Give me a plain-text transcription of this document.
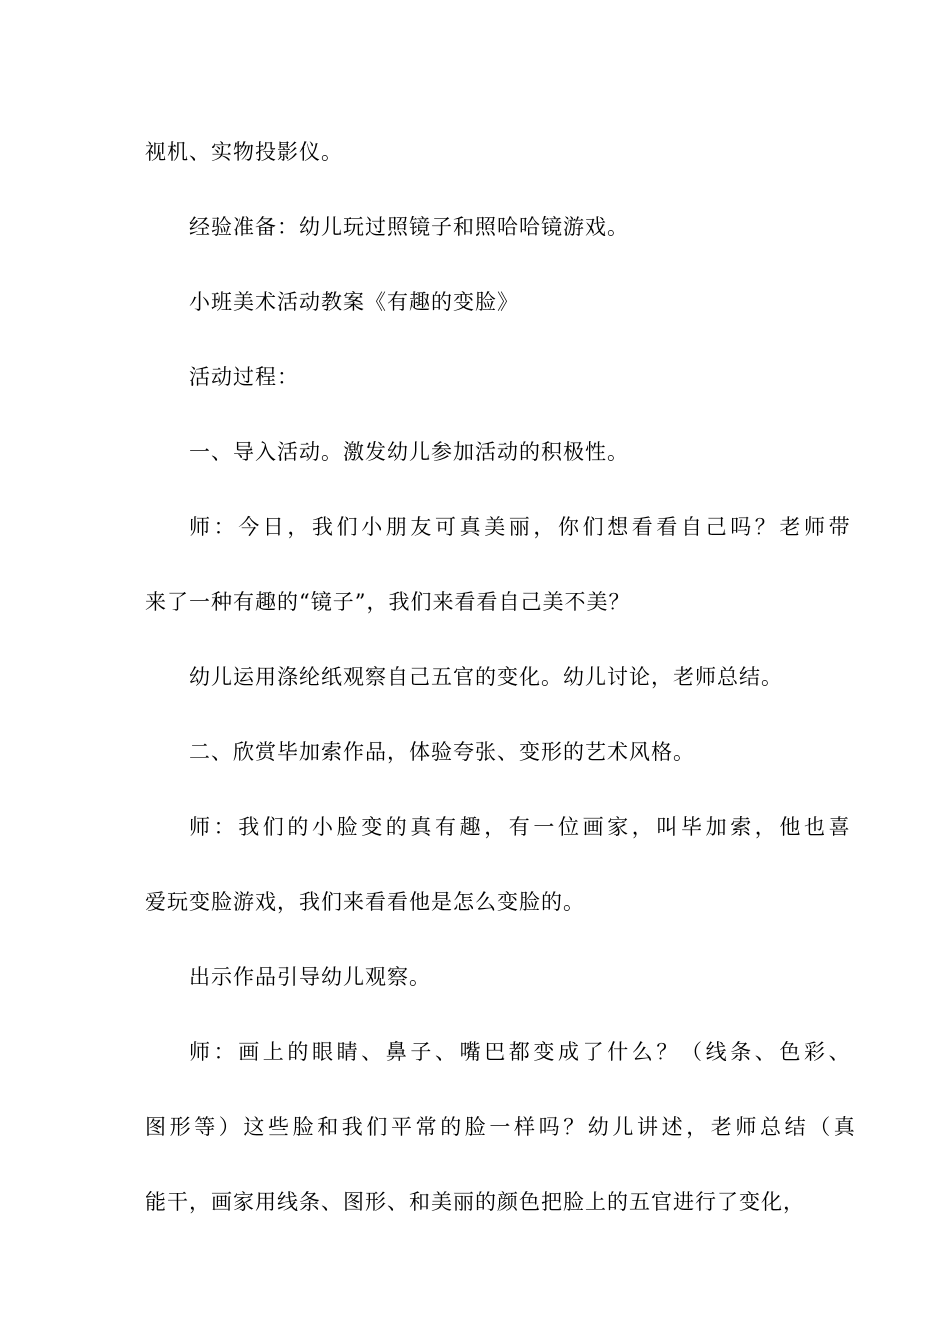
视机、实物投影仪。
经验准备：幼儿玩过照镜子和照哈哈镜游戏。
小班美术活动教案《有趣的变脸》
活动过程：
一、导入活动。激发幼儿参加活动的积极性。
师：今日，我们小朋友可真美丽，你们想看看自己吗？老师带
来了一种有趣的“镜子”，我们来看看自己美不美？
幼儿运用涤纶纸观察自己五官的变化。幼儿讨论，老师总结。
二、欣赏毕加索作品，体验夸张、变形的艺术风格。
师：我们的小脸变的真有趣，有一位画家，叫毕加索，他也喜
爱玩变脸游戏，我们来看看他是怎么变脸的。
出示作品引导幼儿观察。
师：画上的眼睛、鼻子、嘴巴都变成了什么？（线条、色彩、
图形等）这些脸和我们平常的脸一样吗？幼儿讲述，老师总结（真
能干，画家用线条、图形、和美丽的颜色把脸上的五官进行了变化，
